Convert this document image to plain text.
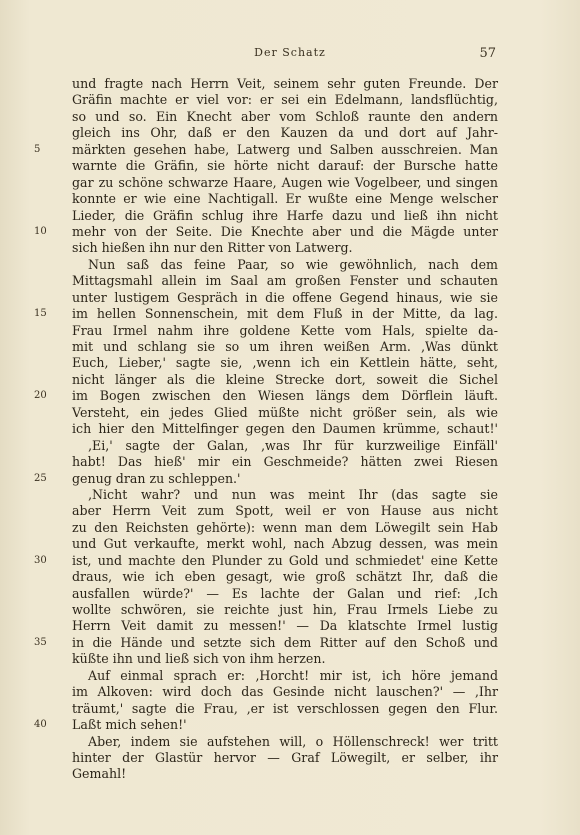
Der Schatz	57
und fragte nach Herrn Veit, seinem sehr guten Freunde. Der
Gräfin machte er viel vor: er sei ein Edelmann, landsflüchtig,
so und so. Ein Knecht aber vom Schloß raunte den andern
gleich ins Ohr, daß er den Kauzen da und dort auf Jahr-
5	märkten gesehen habe, Latwerg und Salben ausschreien. Man
warnte die Gräfin, sie hörte nicht darauf: der Bursche hatte
gar zu schöne schwarze Haare, Augen wie Vogelbeer, und singen
konnte er wie eine Nachtigall. Er wußte eine Menge welscher
Lieder, die Gräfin schlug ihre Harfe dazu und ließ ihn nicht
10	mehr von der Seite. Die Knechte aber und die Mägde unter
sich hießen ihn nur den Ritter von Latwerg.
Nun saß das feine Paar, so wie gewöhnlich, nach dem
Mittagsmahl allein im Saal am großen Fenster und schauten
unter lustigem Gespräch in die offene Gegend hinaus, wie sie
15	im hellen Sonnenschein, mit dem Fluß in der Mitte, da lag.
Frau Irmel nahm ihre goldene Kette vom Hals, spielte da-
mit und schlang sie so um ihren weißen Arm. ‚Was dünkt
Euch, Lieber,' sagte sie, ‚wenn ich ein Kettlein hätte, seht,
nicht länger als die kleine Strecke dort, soweit die Sichel
20	im Bogen zwischen den Wiesen längs dem Dörflein läuft.
Versteht, ein jedes Glied müßte nicht größer sein, als wie
ich hier den Mittelfinger gegen den Daumen krümme, schaut!'
‚Ei,' sagte der Galan, ‚was Ihr für kurzweilige Einfäll'
habt! Das hieß' mir ein Geschmeide? hätten zwei Riesen
25	genug dran zu schleppen.'
‚Nicht wahr? und nun was meint Ihr (das sagte sie
aber Herrn Veit zum Spott, weil er von Hause aus nicht
zu den Reichsten gehörte): wenn man dem Löwegilt sein Hab
und Gut verkaufte, merkt wohl, nach Abzug dessen, was mein
30	ist, und machte den Plunder zu Gold und schmiedet' eine Kette
draus, wie ich eben gesagt, wie groß schätzt Ihr, daß die
ausfallen würde?' — Es lachte der Galan und rief: ‚Ich
wollte schwören, sie reichte just hin, Frau Irmels Liebe zu
Herrn Veit damit zu messen!' — Da klatschte Irmel lustig
35	in die Hände und setzte sich dem Ritter auf den Schoß und
küßte ihn und ließ sich von ihm herzen.
Auf einmal sprach er: ‚Horcht! mir ist, ich höre jemand
im Alkoven: wird doch das Gesinde nicht lauschen?' — ‚Ihr
träumt,' sagte die Frau, ‚er ist verschlossen gegen den Flur.
40	Laßt mich sehen!'
Aber, indem sie aufstehen will, o Höllenschreck! wer tritt
hinter der Glastür hervor — Graf Löwegilt, er selber, ihr
Gemahl!
